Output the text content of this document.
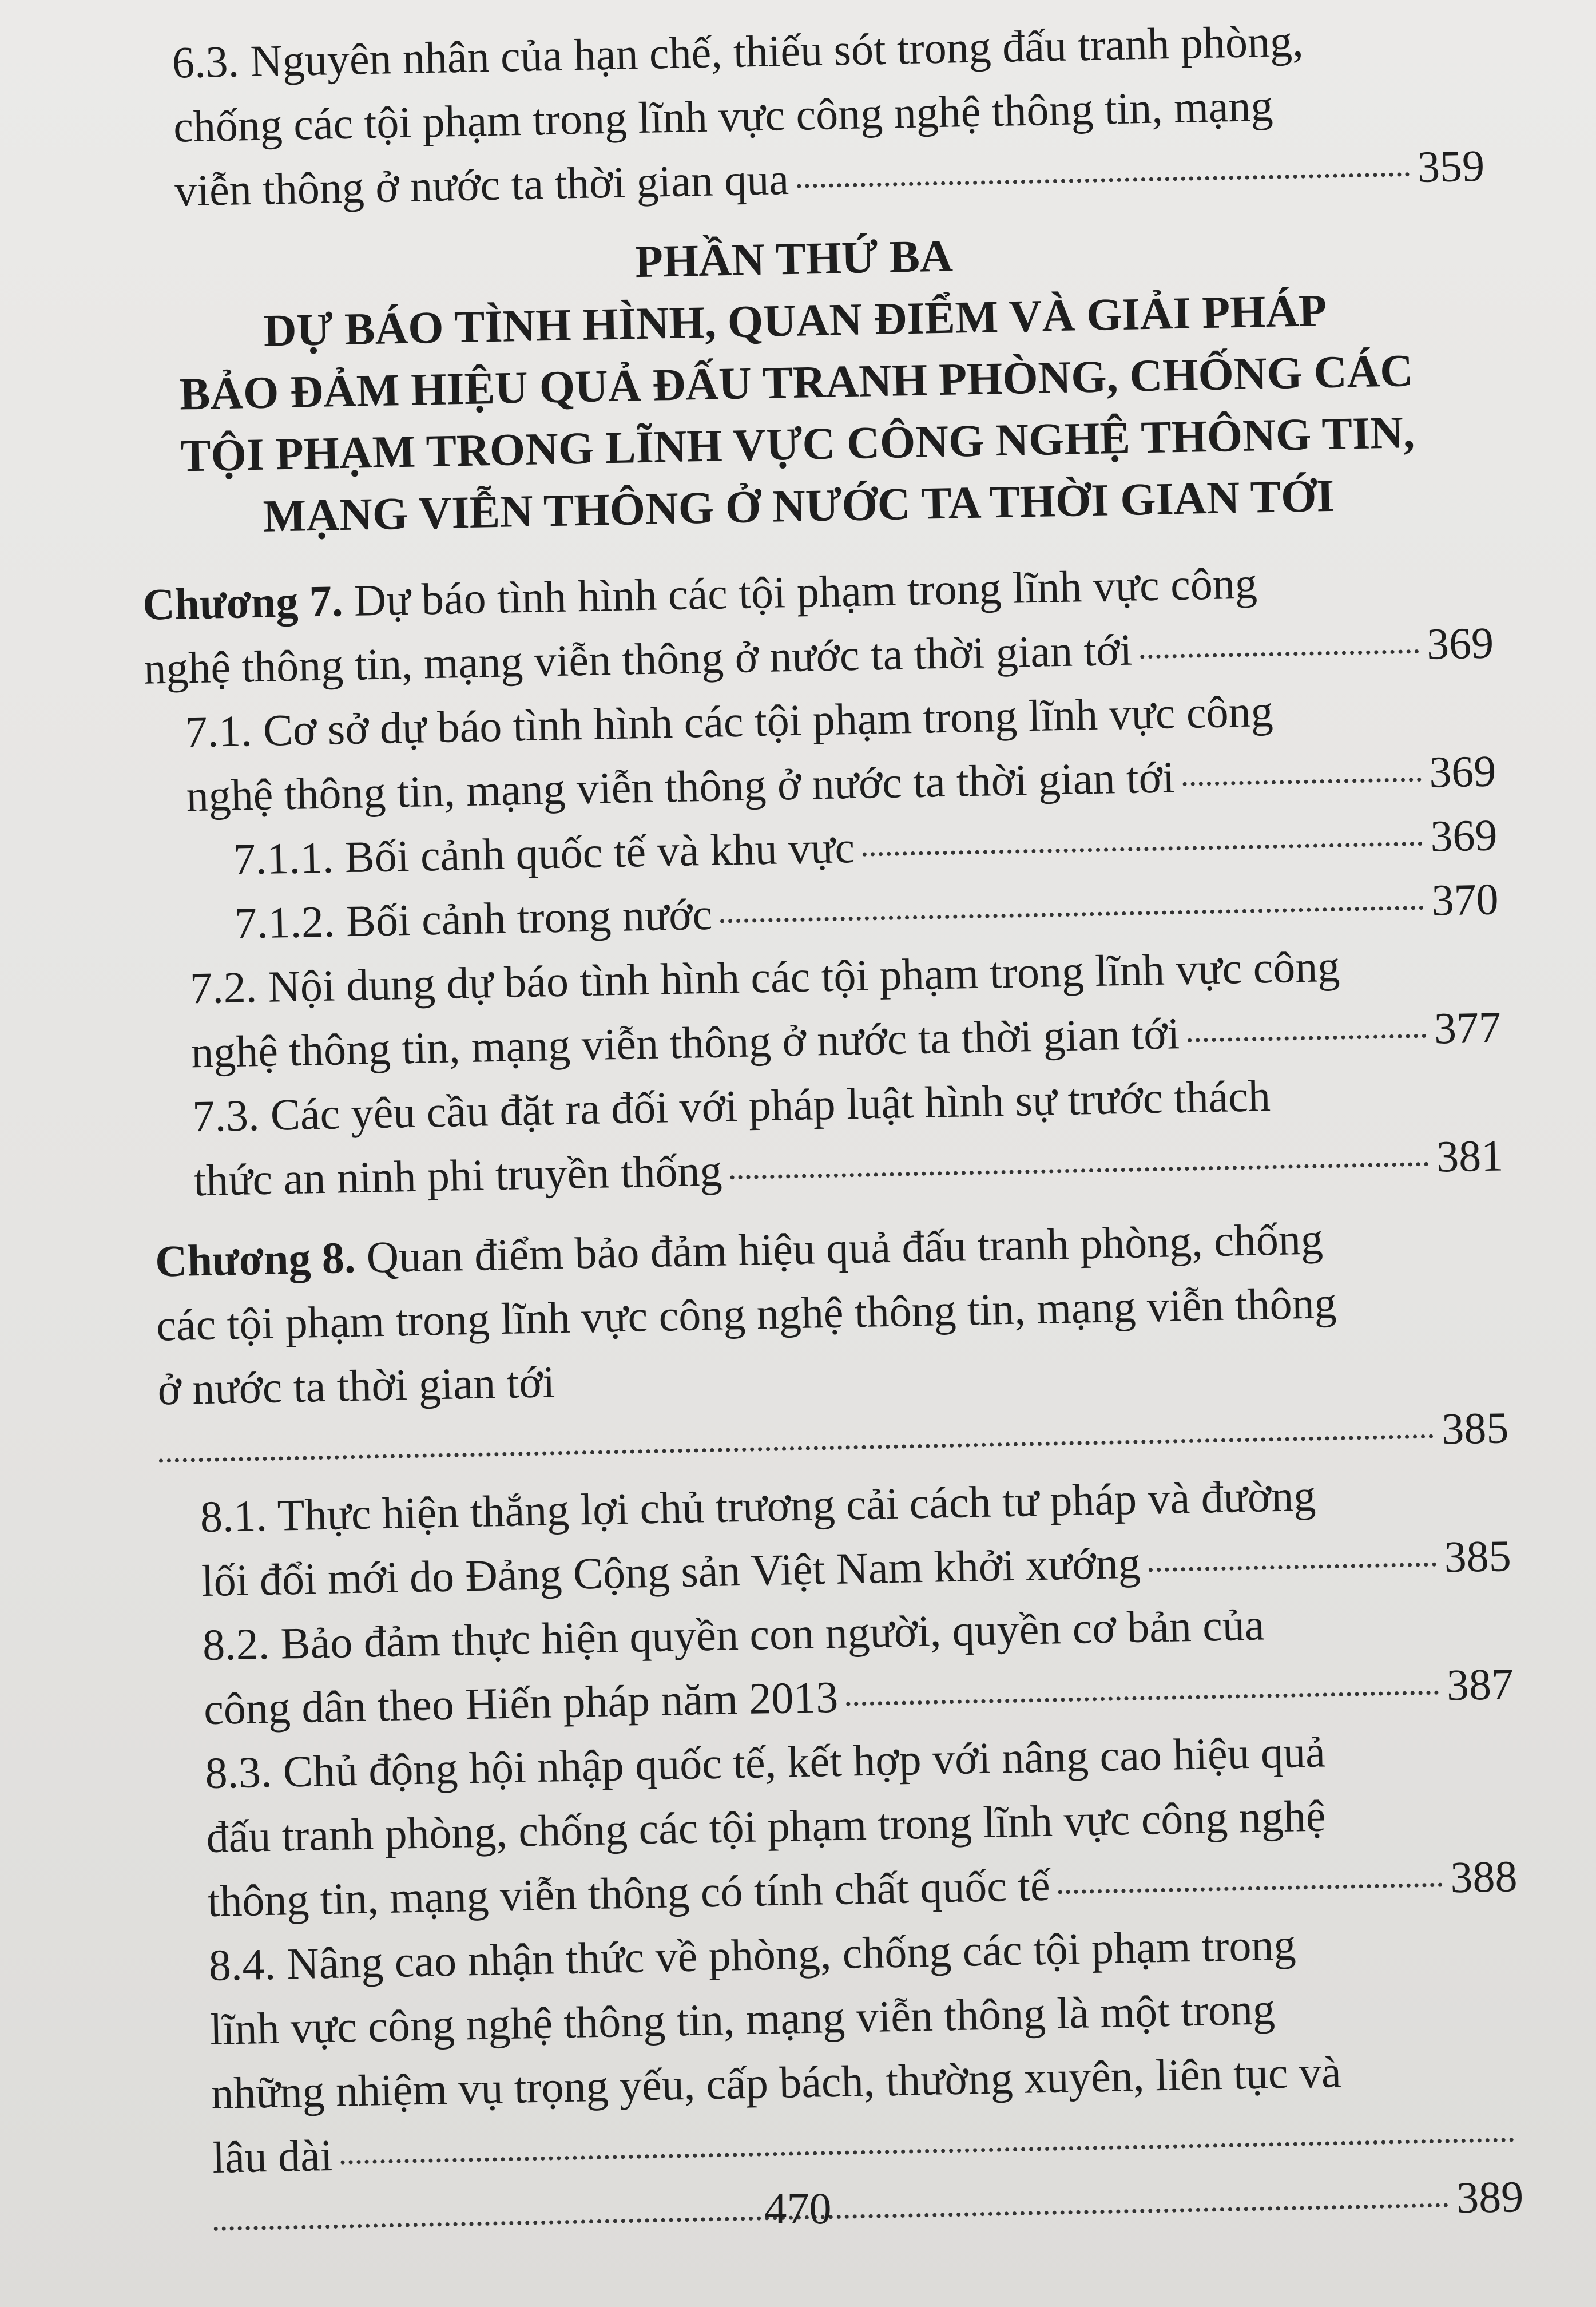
6.3. Nguyên nhân của hạn chế, thiếu sót trong đấu tranh phòng,
chống các tội phạm trong lĩnh vực công nghệ thông tin, mạng
viễn thông ở nước ta thời gian qua	359
PHẦN THỨ BA
DỰ BÁO TÌNH HÌNH, QUAN ĐIỂM VÀ GIẢI PHÁP
BẢO ĐẢM HIỆU QUẢ ĐẤU TRANH PHÒNG, CHỐNG CÁC
TỘI PHẠM TRONG LĨNH VỰC CÔNG NGHỆ THÔNG TIN,
MẠNG VIỄN THÔNG Ở NƯỚC TA THỜI GIAN TỚI
Chương 7. Dự báo tình hình các tội phạm trong lĩnh vực công
nghệ thông tin, mạng viễn thông ở nước ta thời gian tới	369
7.1. Cơ sở dự báo tình hình các tội phạm trong lĩnh vực công
nghệ thông tin, mạng viễn thông ở nước ta thời gian tới	369
7.1.1. Bối cảnh quốc tế và khu vực	369
7.1.2. Bối cảnh trong nước	370
7.2. Nội dung dự báo tình hình các tội phạm trong lĩnh vực công
nghệ thông tin, mạng viễn thông ở nước ta thời gian tới	377
7.3. Các yêu cầu đặt ra đối với pháp luật hình sự trước thách
thức an ninh phi truyền thống	381
Chương 8. Quan điểm bảo đảm hiệu quả đấu tranh phòng, chống
các tội phạm trong lĩnh vực công nghệ thông tin, mạng viễn thông
ở nước ta thời gian tới
385
8.1. Thực hiện thắng lợi chủ trương cải cách tư pháp và đường
lối đổi mới do Đảng Cộng sản Việt Nam khởi xướng	385
8.2. Bảo đảm thực hiện quyền con người, quyền cơ bản của
công dân theo Hiến pháp năm 2013	387
8.3. Chủ động hội nhập quốc tế, kết hợp với nâng cao hiệu quả
đấu tranh phòng, chống các tội phạm trong lĩnh vực công nghệ
thông tin, mạng viễn thông có tính chất quốc tế	388
8.4. Nâng cao nhận thức về phòng, chống các tội phạm trong
lĩnh vực công nghệ thông tin, mạng viễn thông là một trong
những nhiệm vụ trọng yếu, cấp bách, thường xuyên, liên tục và
lâu dài
389
470
